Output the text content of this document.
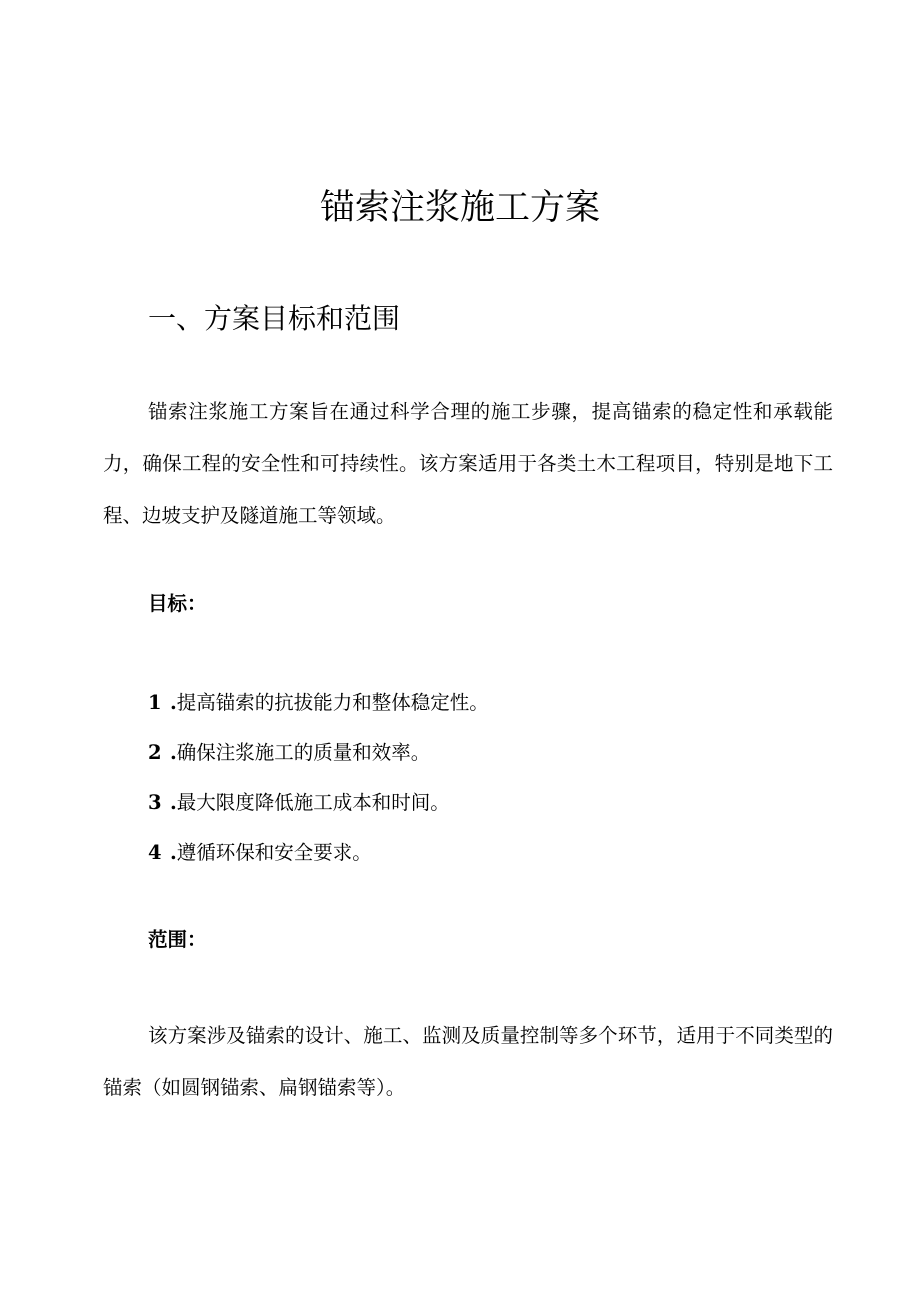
锚索注浆施工方案
一、方案目标和范围

锚索注浆施工方案旨在通过科学合理的施工步骤，提高锚索的稳定性和承载能力，确保工程的安全性和可持续性。该方案适用于各类土木工程项目，特别是地下工程、边坡支护及隧道施工等领域。

目标：
1 .提高锚索的抗拔能力和整体稳定性。
2 .确保注浆施工的质量和效率。
3 .最大限度降低施工成本和时间。
4 .遵循环保和安全要求。
范围：

该方案涉及锚索的设计、施工、监测及质量控制等多个环节，适用于不同类型的锚索（如圆钢锚索、扁钢锚索等）。
